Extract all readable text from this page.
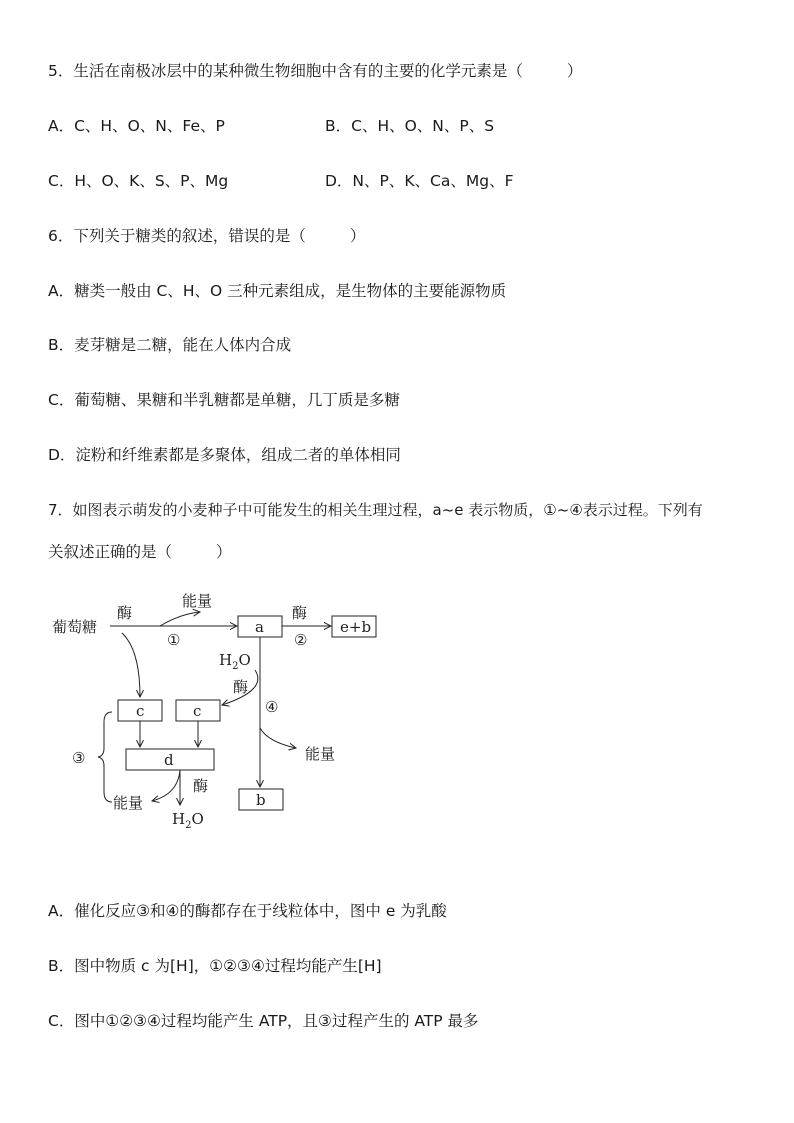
5．生活在南极冰层中的某种微生物细胞中含有的主要的化学元素是（	）
A．C、H、O、N、Fe、P	B．C、H、O、N、P、S
C．H、O、K、S、P、Mg	D．N、P、K、Ca、Mg、F
6．下列关于糖类的叙述，错误的是（	）
A．糖类一般由 C、H、O 三种元素组成，是生物体的主要能源物质
B．麦芽糖是二糖，能在人体内合成
C．葡萄糖、果糖和半乳糖都是单糖，几丁质是多糖
D．淀粉和纤维素都是多聚体，组成二者的单体相同
7．如图表示萌发的小麦种子中可能发生的相关生理过程，a~e 表示物质，①~④表示过程。下列有
关叙述正确的是（	）
葡萄糖
酶
能量
①
酶
②
a	e+b
$H_2O$
酶
④
c	c
d
③	能量
能量
酶
$H_2O$
b
A．催化反应③和④的酶都存在于线粒体中，图中 e 为乳酸
B．图中物质 c 为[H]，①②③④过程均能产生[H]
C．图中①②③④过程均能产生 ATP，且③过程产生的 ATP 最多
